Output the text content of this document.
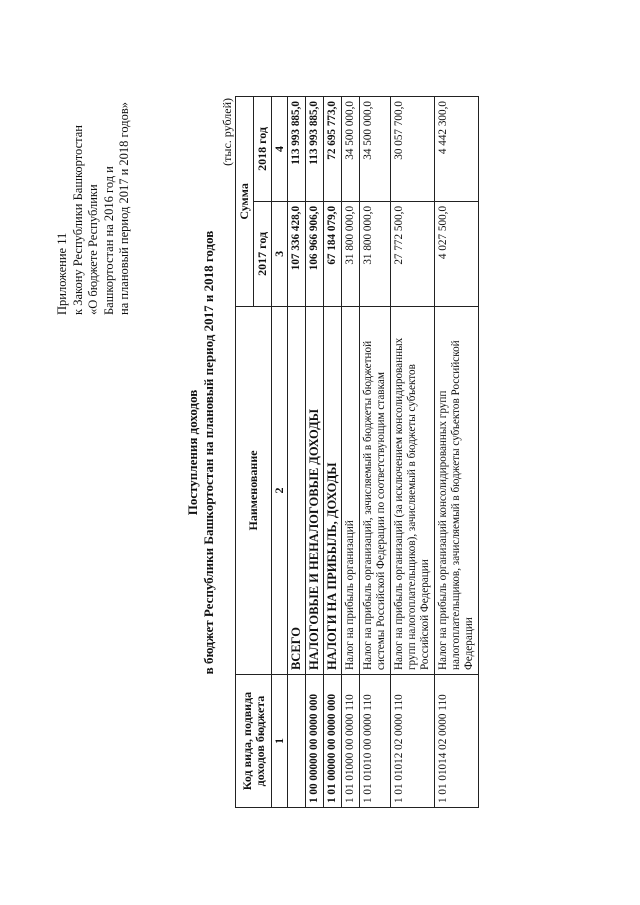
Приложение 11 к Закону Республики Башкортостан «О бюджете Республики Башкортостан на 2016 год и на плановый период 2017 и 2018 годов»
Поступления доходов в бюджет Республики Башкортостан на плановый период 2017 и 2018 годов
(тыс. рублей)
Код вида, подвида доходов бюджета	Наименование	Сумма	
		2017 год	2018 год
1	2	3	4
	ВСЕГО	107 336 428,0	113 993 885,0
1 00 00000 00 0000 000	НАЛОГОВЫЕ И НЕНАЛОГОВЫЕ ДОХОДЫ	106 966 906,0	113 993 885,0
1 01 00000 00 0000 000	НАЛОГИ НА ПРИБЫЛЬ, ДОХОДЫ	67 184 079,0	72 695 773,0
1 01 01000 00 0000 110	Налог на прибыль организаций	31 800 000,0	34 500 000,0
1 01 01010 00 0000 110	Налог на прибыль организаций, зачисляемый в бюджеты бюджетной системы Российской Федерации по соответствующим ставкам	31 800 000,0	34 500 000,0
1 01 01012 02 0000 110	Налог на прибыль организаций (за исключением консолидированных групп налогоплательщиков), зачисляемый в бюджеты субъектов Российской Федерации	27 772 500,0	30 057 700,0
1 01 01014 02 0000 110	Налог на прибыль организаций консолидированных групп налогоплательщиков, зачисляемый в бюджеты субъектов Российской Федерации	4 027 500,0	4 442 300,0
